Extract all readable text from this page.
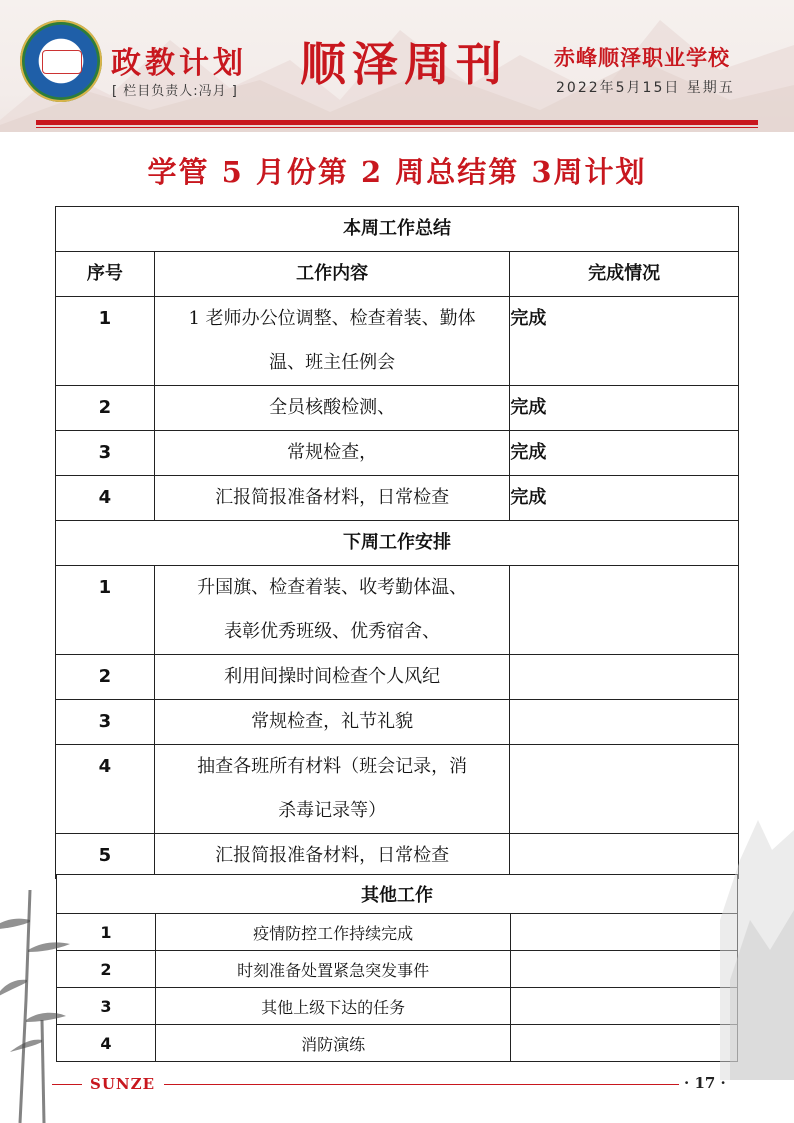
政教计划
[ 栏目负责人:冯月 ]
顺泽周刊 赤峰顺泽职业学校
2022年5月15日 星期五
学管 5 月份第 2 周总结第 3周计划
本周工作总结		
序号	工作内容	完成情况
1	1 老师办公位调整、检查着装、勤体
温、班主任例会	完成
2	全员核酸检测、	完成
3	常规检查，	完成
4	汇报简报准备材料，日常检查	完成
下周工作安排		
1	升国旗、检查着装、收考勤体温、
表彰优秀班级、优秀宿舍、	

2	利用间操时间检查个人风纪	
3	常规检查，礼节礼貌	
4	抽查各班所有材料（班会记录，消
杀毒记录等）	

5	汇报简报准备材料，日常检查	
其他工作		
1	疫情防控工作持续完成	
2	时刻准备处置紧急突发事件	
3	其他上级下达的任务	
4	消防演练	
SUNZE	· 17 ·
